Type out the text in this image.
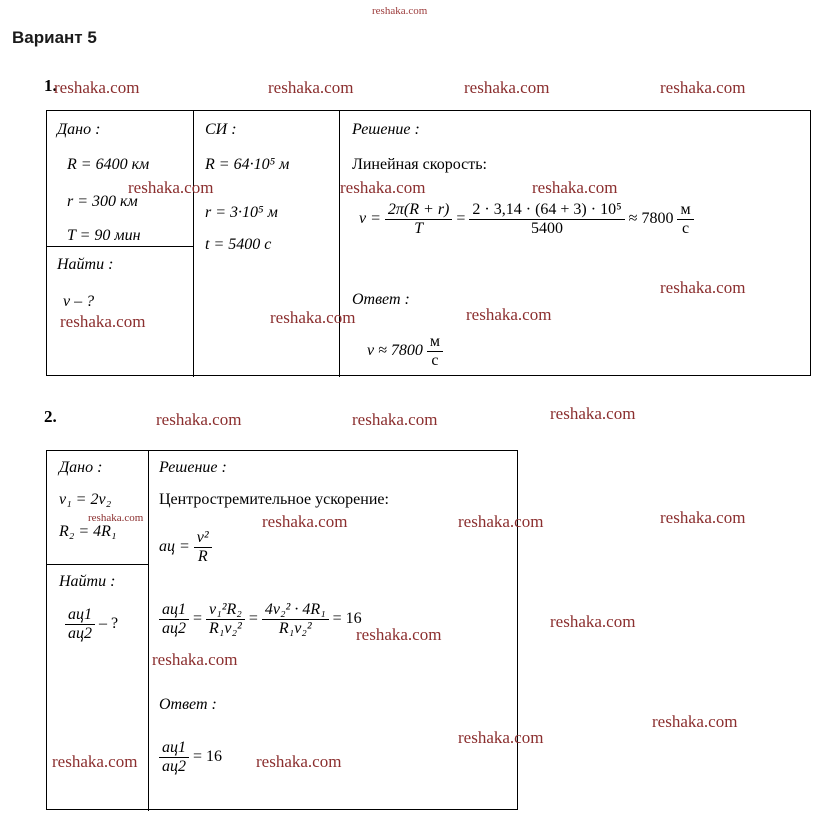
Вариант 5
1.
Дано :
R = 6400 км
r = 300 км
T = 90 мин
Найти :
v – ?
СИ :
R = 64·10⁵ м
r = 3·10⁵ м
t = 5400 с
Решение :
Линейная скорость:
$v = \frac{2\pi(R + r)}{T} = \frac{\text{2 · 3,14 · (64 + 3) · 10⁵}}{5400} \approx 7800 \frac{м}{с}$
Ответ :
$v \approx 7800 \frac{м}{с}$
2.
Дано :
v₁ = 2v₂
R₂ = 4R₁
Найти :
$\frac{aц1}{aц2}$ – ?
Решение :
Центростремительное ускорение:
aц = $\frac{\text{v²}}{R}$
$\frac{aц1}{aц2} = \frac{\text{v₁²R₂}}{\text{R₁v₂²}} = \frac{\text{4v₂² · 4R₁}}{\text{R₁v₂²}} = 16$
Ответ :
$\frac{aц1}{aц2} = 16$
reshaka.com
reshaka.com	reshaka.com	reshaka.com	reshaka.com
reshaka.com	reshaka.com	reshaka.com
reshaka.com
reshaka.com	reshaka.com	reshaka.com
reshaka.com	reshaka.com	reshaka.com
reshaka.com	reshaka.com	reshaka.com	reshaka.com
reshaka.com
reshaka.com
reshaka.com
reshaka.com
reshaka.com
reshaka.com	reshaka.com
